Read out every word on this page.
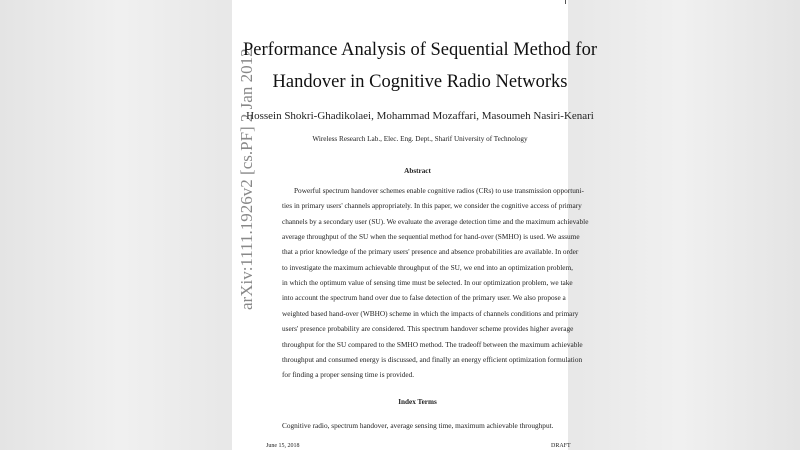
arXiv:1111.1926v2 [cs.PF] 2 Jan 2012
Performance Analysis of Sequential Method for
Handover in Cognitive Radio Networks
Hossein Shokri-Ghadikolaei, Mohammad Mozaffari, Masoumeh Nasiri-Kenari
Wireless Research Lab., Elec. Eng. Dept., Sharif University of Technology
Abstract
Powerful spectrum handover schemes enable cognitive radios (CRs) to use transmission opportuni-
ties in primary users' channels appropriately. In this paper, we consider the cognitive access of primary
channels by a secondary user (SU). We evaluate the average detection time and the maximum achievable
average throughput of the SU when the sequential method for hand-over (SMHO) is used. We assume
that a prior knowledge of the primary users' presence and absence probabilities are available. In order
to investigate the maximum achievable throughput of the SU, we end into an optimization problem,
in which the optimum value of sensing time must be selected. In our optimization problem, we take
into account the spectrum hand over due to false detection of the primary user. We also propose a
weighted based hand-over (WBHO) scheme in which the impacts of channels conditions and primary
users' presence probability are considered. This spectrum handover scheme provides higher average
throughput for the SU compared to the SMHO method. The tradeoff between the maximum achievable
throughput and consumed energy is discussed, and finally an energy efficient optimization formulation
for finding a proper sensing time is provided.
Index Terms
Cognitive radio, spectrum handover, average sensing time, maximum achievable throughput.
June 15, 2018	DRAFT
